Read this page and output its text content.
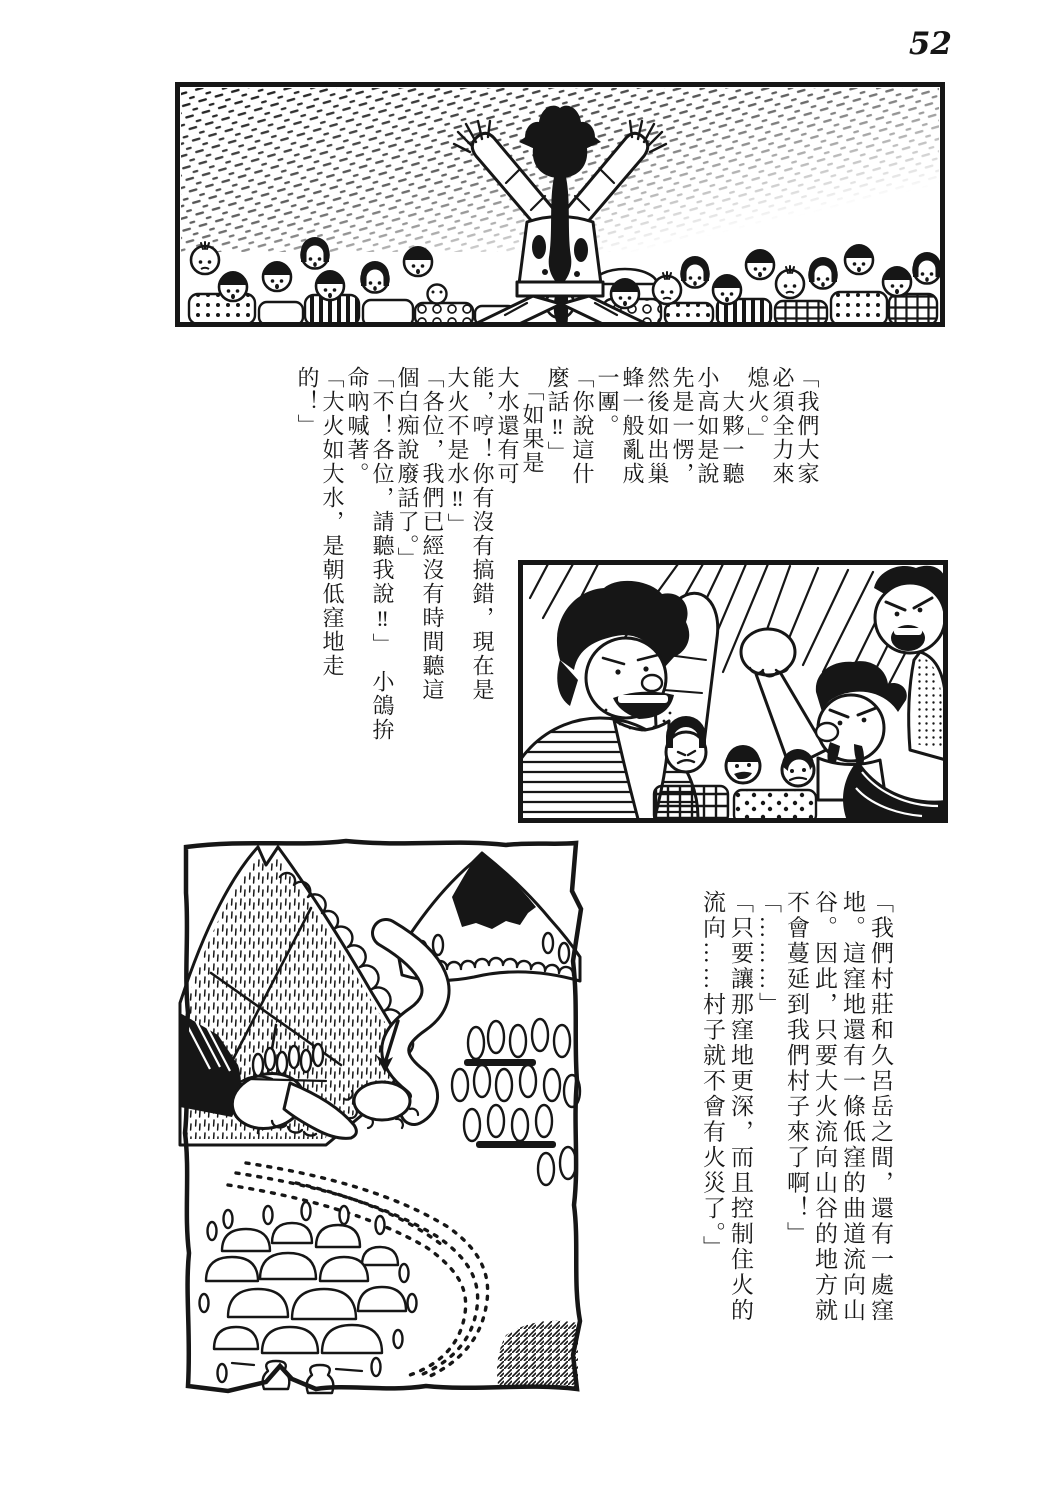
52
「我們大家
必須全力來
熄火。」
　大夥一聽
小高如是說
先是一愣，
然後如出巢
蜂一般亂成
一團。
「你說這什
麼話‼」
　「如果是
大水還有可
能，哼！你有沒有搞錯，現在是
大火不是水‼」
「各位，我們已經沒有時間聽這
個白痴說廢話了。」
「不！各位，請聽我說‼」　小鴿拚
命吶喊著。
「大火如大水，是朝低窪地走
的！」
「我們村莊和久呂岳之間，還有一處窪
地。這窪地還有一條低窪的曲道流向山
谷。因此，只要大火流向山谷的地方就
不會蔓延到我們村子來了啊！」
「………」
「只要讓那窪地更深，而且控制住火的
流向……村子就不會有火災了。」
